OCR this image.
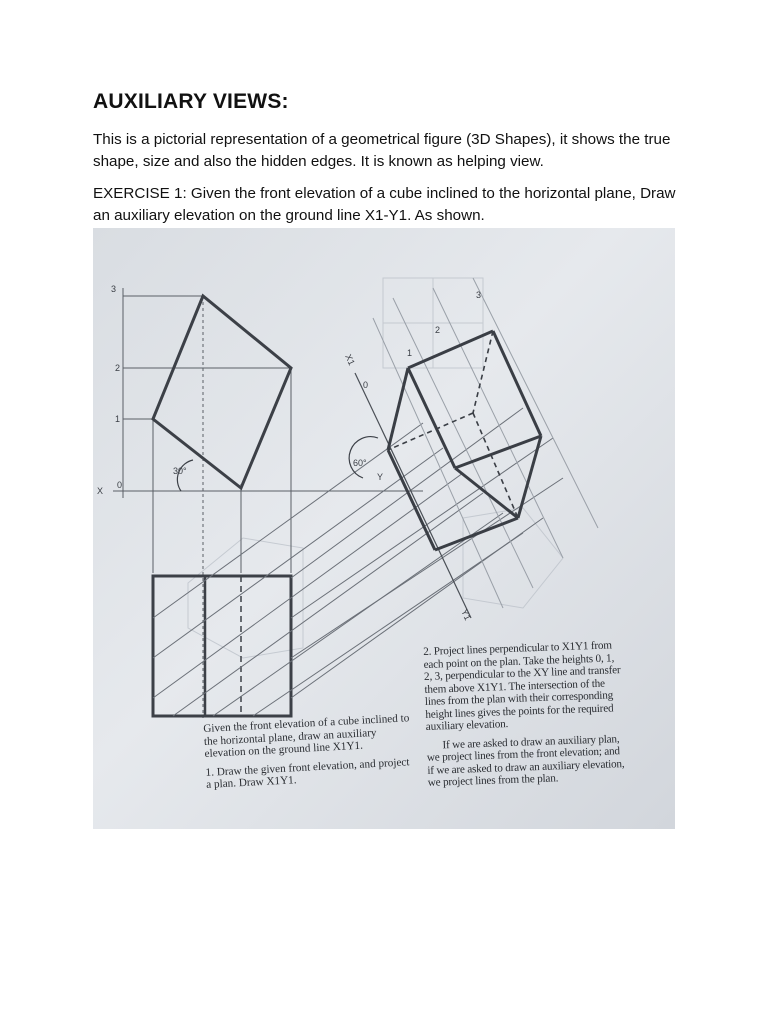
AUXILIARY VIEWS:
This is a pictorial representation of a geometrical figure (3D Shapes), it shows the true shape, size and also the hidden edges. It is known as helping view.
EXERCISE 1: Given the front elevation of a cube inclined to the horizontal plane, Draw an auxiliary elevation on the ground line X1-Y1. As shown.
3
2
1
0
X
30°
60°
Y
X1
Y1
0
1
2
3

Given the front elevation of a cube inclined to the horizontal plane, draw an auxiliary elevation on the ground line X1Y1.

1. Draw the given front elevation, and project a plan. Draw X1Y1.

2. Project lines perpendicular to X1Y1 from each point on the plan. Take the heights 0, 1, 2, 3, perpendicular to the XY line and transfer them above X1Y1. The intersection of the lines from the plan with their corresponding height lines gives the points for the required auxiliary elevation.

If we are asked to draw an auxiliary plan, we project lines from the front elevation; and if we are asked to draw an auxiliary elevation, we project lines from the plan.
